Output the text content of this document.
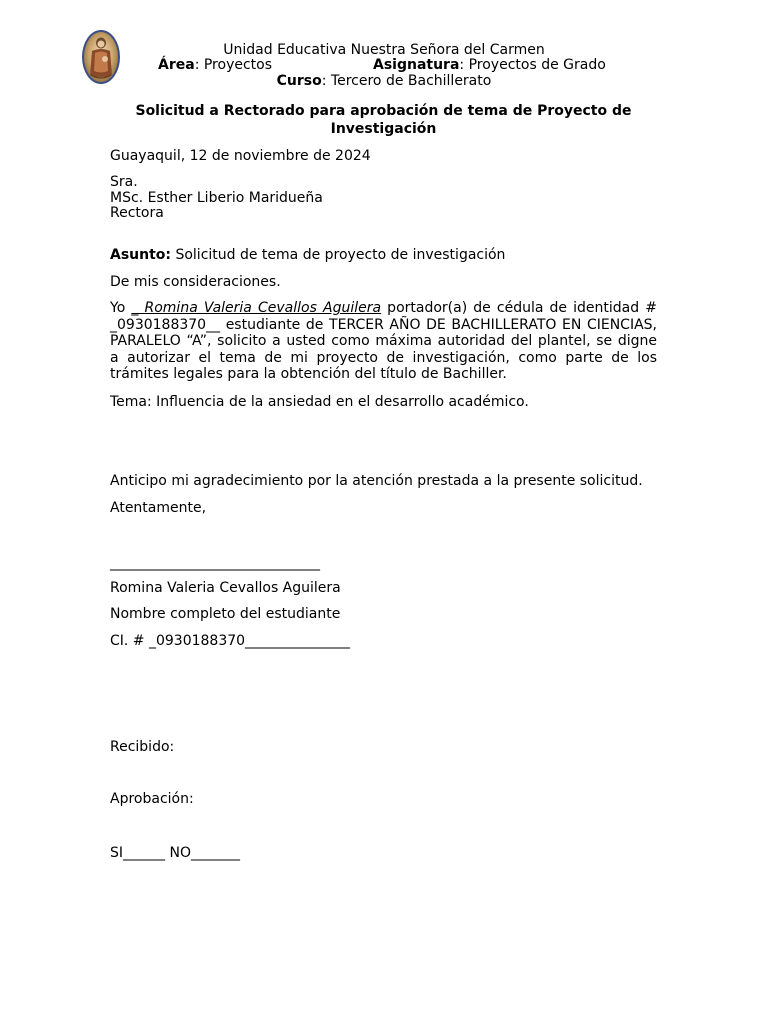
Unidad Educativa Nuestra Señora del Carmen
Área: Proyectos	Asignatura: Proyectos de Grado
Curso: Tercero de Bachillerato
Solicitud a Rectorado para aprobación de tema de Proyecto de
Investigación
Guayaquil, 12 de noviembre de 2024
Sra.
MSc. Esther Liberio Maridueña
Rectora
Asunto: Solicitud de tema de proyecto de investigación
De mis consideraciones.
Yo _ Romina Valeria Cevallos Aguilera portador(a) de cédula de identidad #
_0930188370__ estudiante de TERCER AÑO DE BACHILLERATO EN CIENCIAS,
PARALELO “A”, solicito a usted como máxima autoridad del plantel, se digne
a autorizar el tema de mi proyecto de investigación, como parte de los
trámites legales para la obtención del título de Bachiller.
Tema: Influencia de la ansiedad en el desarrollo académico.
Anticipo mi agradecimiento por la atención prestada a la presente solicitud.
Atentamente,
______________________________
Romina Valeria Cevallos Aguilera
Nombre completo del estudiante
CI. # _0930188370_______________
Recibido:
Aprobación:
SI______ NO_______
